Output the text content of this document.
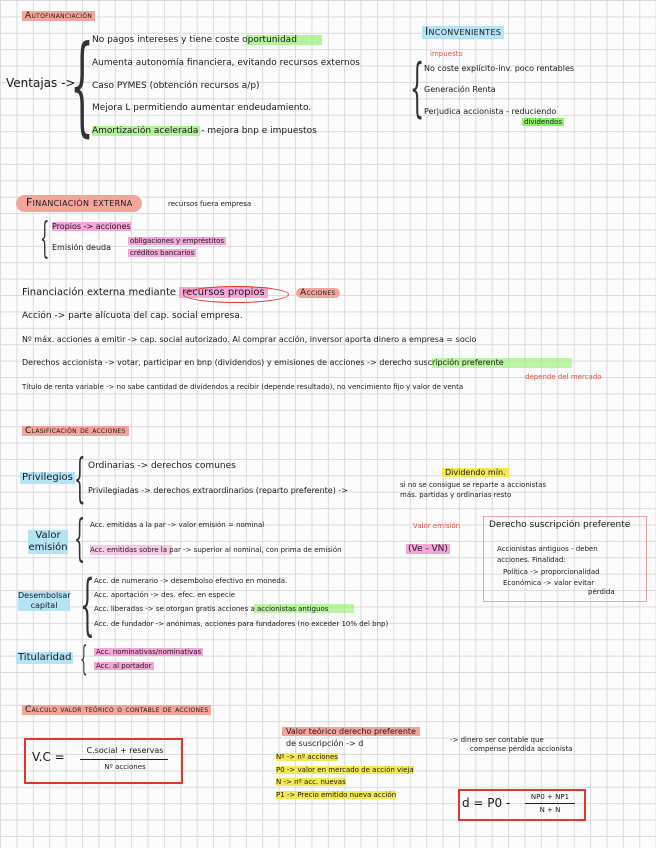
Autofinanciación
Ventajas ->
{
No pagos intereses y tiene coste oportunidad
Aumenta autonomía financiera, evitando recursos externos
Caso PYMES (obtención recursos a/p)
Mejora L permitiendo aumentar endeudamiento.
Amortización acelerada - mejora bnp e impuestos
Inconvenientes
impuesto
{ No coste explícito-inv. poco rentables
Generación Renta
Perjudica accionista - reduciendo
dividendos
Financiación externa	recursos fuera empresa
{ Propios -> acciones
Emisión deuda
obligaciones y empréstitos
créditos bancarios
Financiación externa mediante recursos propios	Acciones
Acción -> parte alícuota del cap. social empresa.
Nº máx. acciones a emitir -> cap. social autorizado. Al comprar acción, inversor aporta dinero a empresa = socio
Derechos accionista -> votar, participar en bnp (dividendos) y emisiones de acciones -> derecho suscripción preferente
depende del mercado
Título de renta variable -> no sabe cantidad de dividendos a recibir (depende resultado), no vencimiento fijo y valor de venta
Clasificación de acciones
Privilegios { Ordinarias -> derechos comunes
Privilegiadas -> derechos extraordinarios (reparto preferente) ->
Dividendo mín.
si no se consigue se reparte a accionistas
más. partidas y ordinarias resto
Valor emisión { Acc. emitidas a la par -> valor emisión = nominal
Acc. emitidas sobre la par -> superior al nominal, con prima de emisión
Valor emisión
(Ve - VN)
Derecho suscripción preferente
Accionistas antiguos - deben
acciones. Finalidad:
Política -> proporcionalidad
Económica -> valor evitar
pérdida
Desembolsar capital { Acc. de numerario -> desembolso efectivo en moneda.
Acc. aportación -> des. efec. en especie
Acc. liberadas -> se otorgan gratis acciones a accionistas antiguos
Acc. de fundador -> anónimas, acciones para fundadores (no exceder 10% del bnp)
Titularidad { Acc. nominativas/nominativas
Acc. al portador
Cálculo valor teórico o contable de acciones
V.C =	C.social + reservas
Nº acciones
Valor teórico derecho preferente
de suscripción -> d	-> dinero ser contable que
compense pérdida accionista
Nº -> nº acciones
P0 -> valor en mercado de acción vieja
N -> nº acc. nuevas
P1 -> Precio emitido nueva acción
d = P0 -	NP0 + NP1
N + N
